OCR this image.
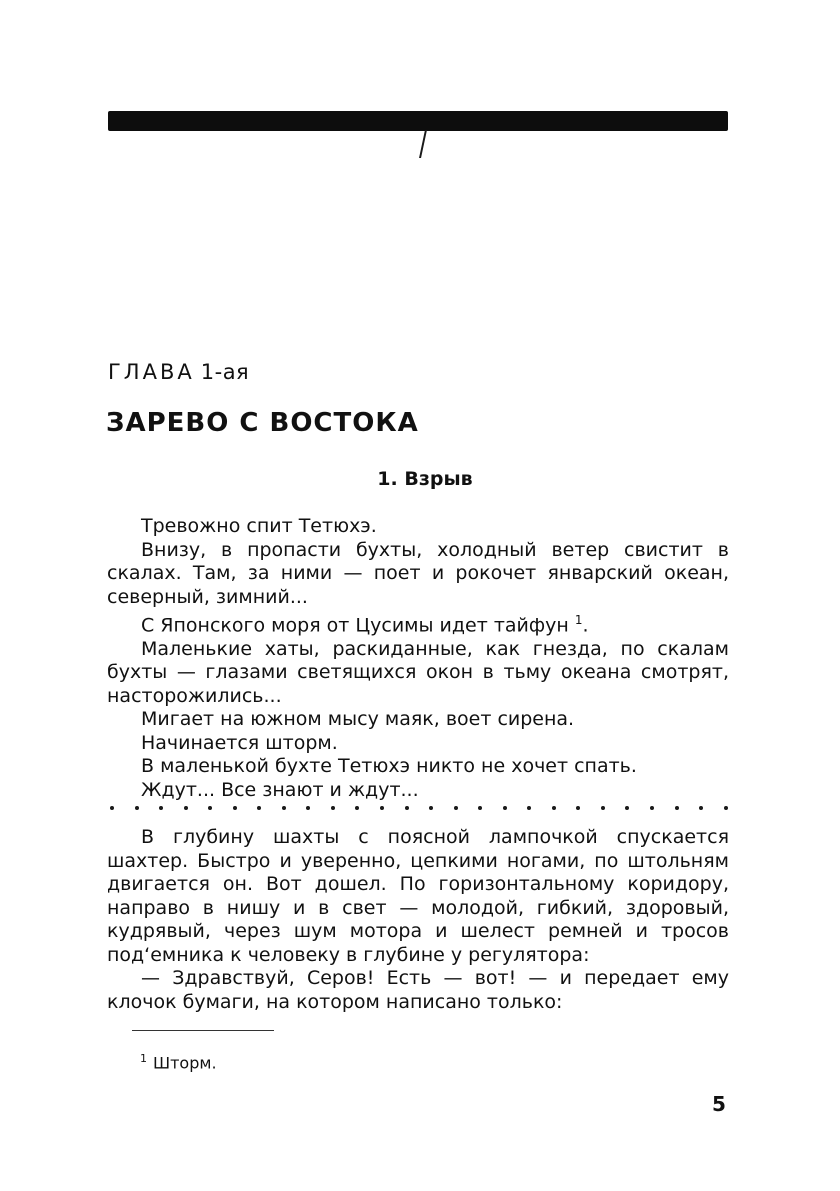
ГЛАВА 1-ая
ЗАРЕВО С ВОСТОКА
1. Взрыв

Тревожно спит Тетюхэ.

Внизу, в пропасти бухты, холодный ветер свистит в скалах. Там, за ними — поет и рокочет январский океан, северный, зимний...

С Японского моря от Цусимы идет тайфун $^1$.

Маленькие хаты, раскиданные, как гнезда, по скалам бухты — глазами светящихся окон в тьму океана смотрят, насторожились...

Мигает на южном мысу маяк, воет сирена.

Начинается шторм.

В маленькой бухте Тетюхэ никто не хочет спать.

Ждут... Все знают и ждут...

В глубину шахты с поясной лампочкой спускается шахтер. Быстро и уверенно, цепкими ногами, по штольням двигается он. Вот дошел. По горизонтальному коридору, направо в нишу и в свет — молодой, гибкий, здоровый, кудрявый, через шум мотора и шелест ремней и тросов под‘емника к человеку в глубине у регулятора:

— Здравствуй, Серов! Есть — вот! — и передает ему клочок бумаги, на котором написано только:

$^1$ Шторм.
5
